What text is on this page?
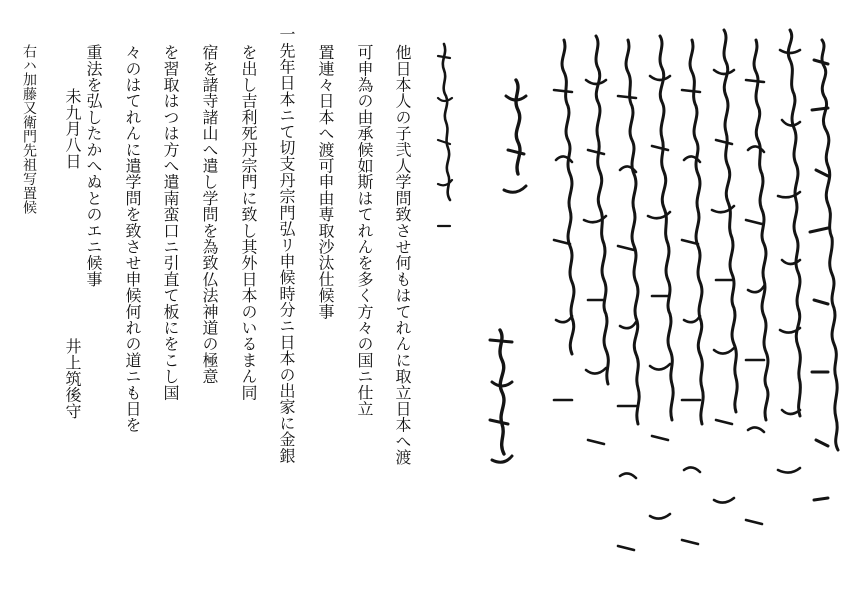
他日本人の子弐人学問致させ何もはてれんに取立日本へ渡
可申為の由承候如斯はてれんを多く方々の国ニ仕立
置連々日本へ渡可申由専取沙汰仕候事
一先年日本ニて切支丹宗門弘リ申候時分ニ日本の出家に金銀
を出し吉利死丹宗門に致し其外日本のいるまん同
宿を諸寺諸山へ遣し学問を為致仏法神道の極意
を習取はつは方へ遣南蛮口ニ引直て板にをこし国
々のはてれんに遣学問を致させ申候何れの道ニも日を
重法を弘したかへぬとのエニ候事
未九月八日
井上筑後守
右ハ加藤又衛門先祖写置候
